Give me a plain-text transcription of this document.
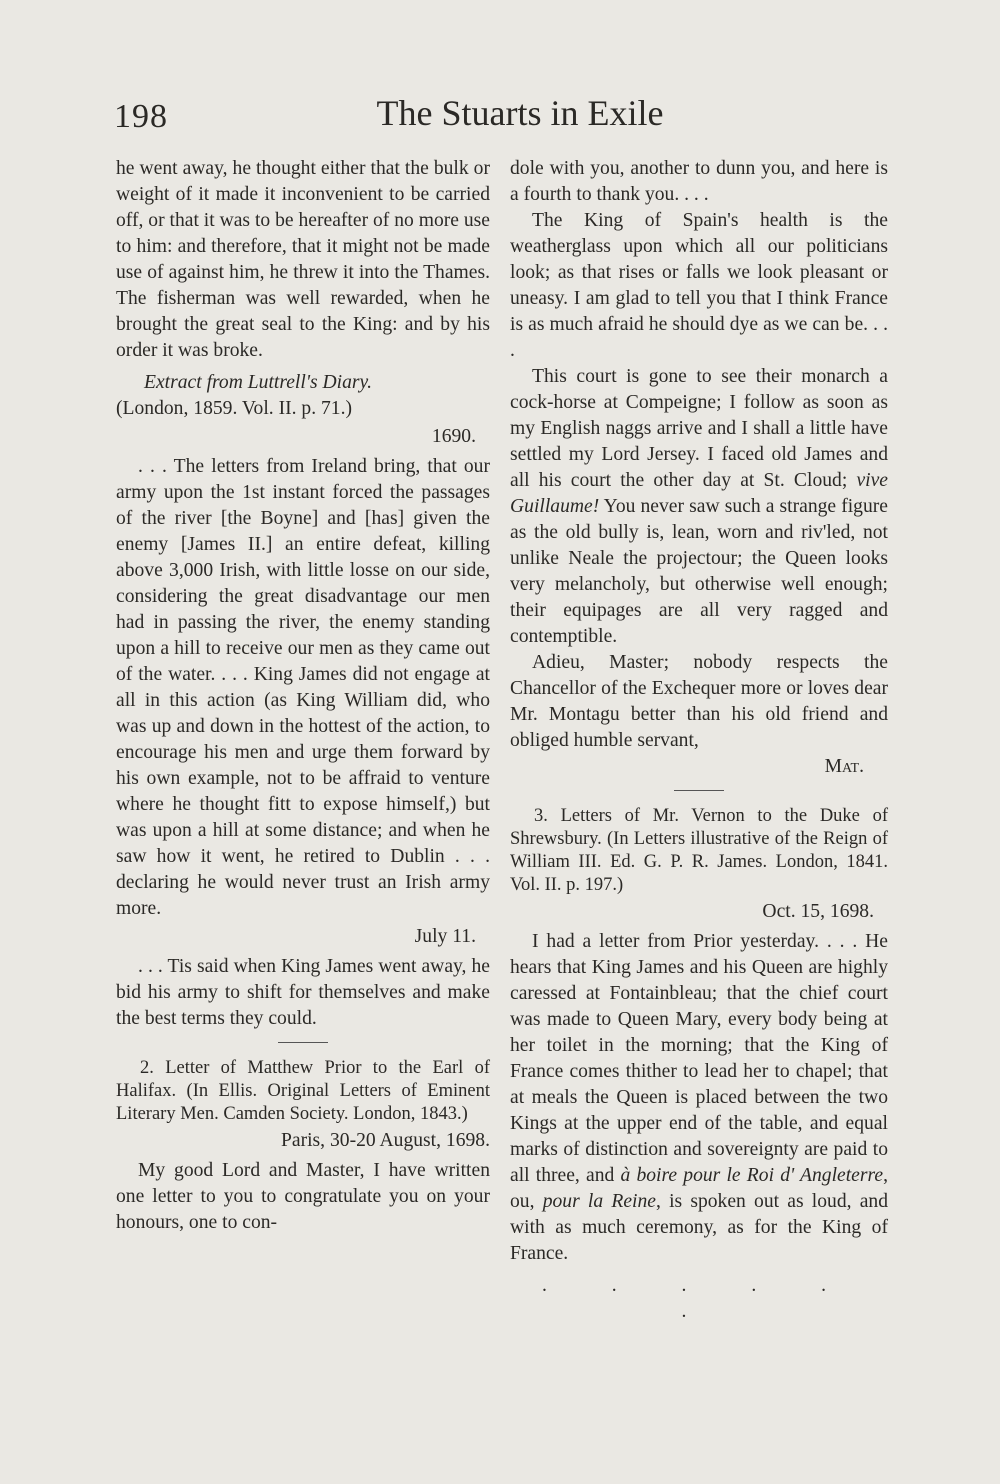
198	The Stuarts in Exile

he went away, he thought either that the bulk or weight of it made it inconvenient to be carried off, or that it was to be hereafter of no more use to him: and therefore, that it might not be made use of against him, he threw it into the Thames. The fisherman was well rewarded, when he brought the great seal to the King: and by his order it was broke.

Extract from Luttrell's Diary.

(London, 1859. Vol. II. p. 71.)

1690.

. . . The letters from Ireland bring, that our army upon the 1st instant forced the passages of the river [the Boyne] and [has] given the enemy [James II.] an entire defeat, killing above 3,000 Irish, with little losse on our side, considering the great disadvantage our men had in passing the river, the enemy standing upon a hill to receive our men as they came out of the water. . . . King James did not engage at all in this action (as King William did, who was up and down in the hottest of the action, to encourage his men and urge them forward by his own example, not to be affraid to venture where he thought fitt to expose himself,) but was upon a hill at some distance; and when he saw how it went, he retired to Dublin . . . declaring he would never trust an Irish army more.

July 11.

. . . Tis said when King James went away, he bid his army to shift for themselves and make the best terms they could.

2. Letter of Matthew Prior to the Earl of Halifax. (In Ellis. Original Letters of Eminent Literary Men. Camden Society. London, 1843.)

Paris, 30-20 August, 1698.

My good Lord and Master, I have written one letter to you to congratulate you on your honours, one to con-

dole with you, another to dunn you, and here is a fourth to thank you. . . .

The King of Spain's health is the weatherglass upon which all our politicians look; as that rises or falls we look pleasant or uneasy. I am glad to tell you that I think France is as much afraid he should dye as we can be. . . .

This court is gone to see their monarch a cock-horse at Compeigne; I follow as soon as my English naggs arrive and I shall a little have settled my Lord Jersey. I faced old James and all his court the other day at St. Cloud; vive Guillaume! You never saw such a strange figure as the old bully is, lean, worn and riv'led, not unlike Neale the projectour; the Queen looks very melancholy, but otherwise well enough; their equipages are all very ragged and contemptible.

Adieu, Master; nobody respects the Chancellor of the Exchequer more or loves dear Mr. Montagu better than his old friend and obliged humble servant,

Mat.

3. Letters of Mr. Vernon to the Duke of Shrewsbury. (In Letters illustrative of the Reign of William III. Ed. G. P. R. James. London, 1841. Vol. II. p. 197.)

Oct. 15, 1698.

I had a letter from Prior yesterday. . . . He hears that King James and his Queen are highly caressed at Fontainbleau; that the chief court was made to Queen Mary, every body being at her toilet in the morning; that the King of France comes thither to lead her to chapel; that at meals the Queen is placed between the two Kings at the upper end of the table, and equal marks of distinction and sovereignty are paid to all three, and à boire pour le Roi d' Angleterre, ou, pour la Reine, is spoken out as loud, and with as much ceremony, as for the King of France.

. . . . . .
